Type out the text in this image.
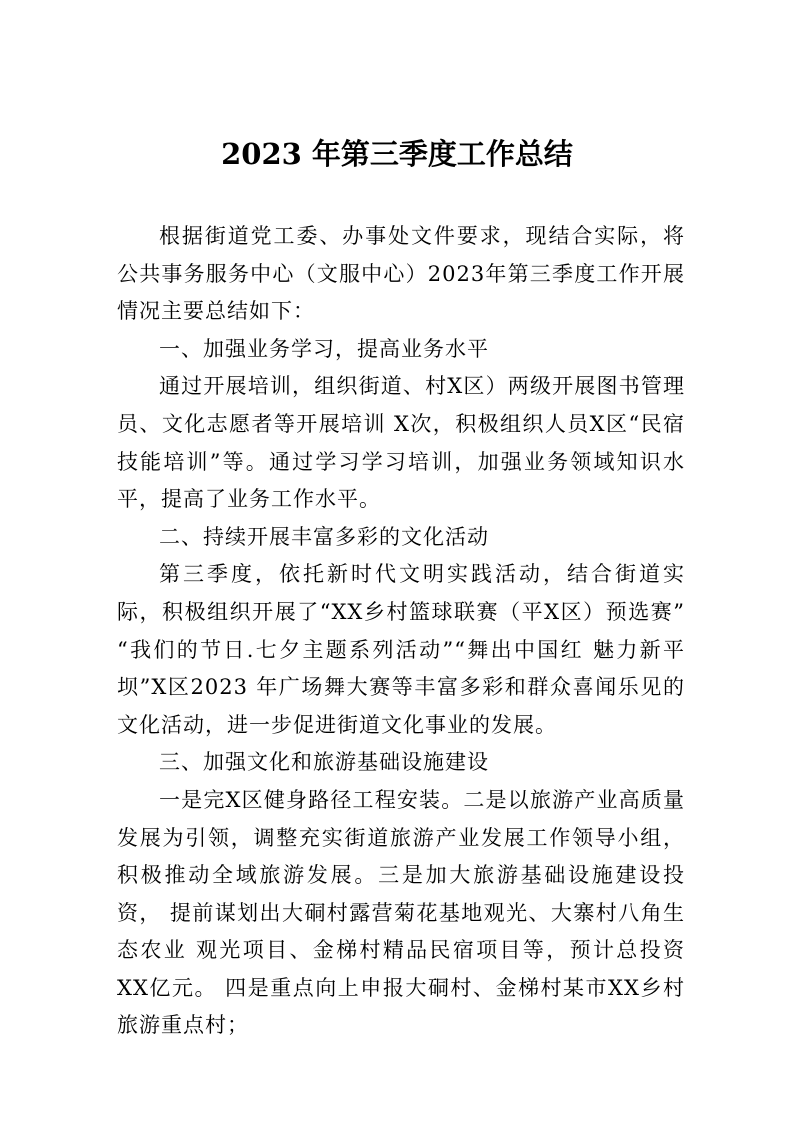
2023 年第三季度工作总结

根据街道党工委、办事处文件要求，现结合实际，将公共事务服务中心（文服中心）2023年第三季度工作开展情况主要总结如下：

一、加强业务学习，提高业务水平

通过开展培训，组织街道、村X区）两级开展图书管理员、文化志愿者等开展培训 X次，积极组织人员X区“民宿技能培训”等。通过学习学习培训，加强业务领域知识水平，提高了业务工作水平。

二、持续开展丰富多彩的文化活动

第三季度，依托新时代文明实践活动，结合街道实际，积极组织开展了“XX乡村篮球联赛（平X区）预选赛” “我们的节日.七夕主题系列活动”“舞出中国红 魅力新平坝”X区2023 年广场舞大赛等丰富多彩和群众喜闻乐见的文化活动，进一步促进街道文化事业的发展。

三、加强文化和旅游基础设施建设

一是完X区健身路径工程安装。二是以旅游产业高质量发展为引领，调整充实街道旅游产业发展工作领导小组， 积极推动全域旅游发展。三是加大旅游基础设施建设投资， 提前谋划出大硐村露营菊花基地观光、大寨村八角生态农业 观光项目、金梯村精品民宿项目等，预计总投资 XX亿元。 四是重点向上申报大硐村、金梯村某市XX乡村旅游重点村；
